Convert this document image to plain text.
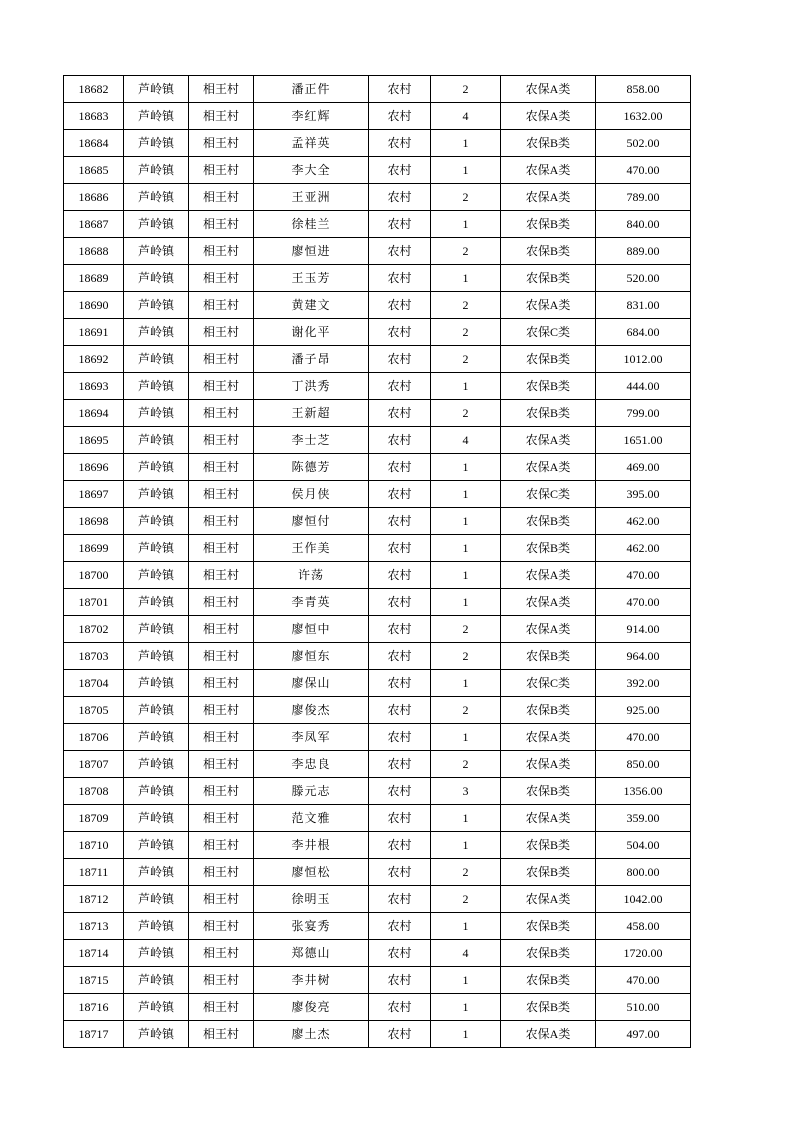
18682	芦岭镇	相王村	潘正件	农村	2	农保A类	858.00
18683	芦岭镇	相王村	李红辉	农村	4	农保A类	1632.00
18684	芦岭镇	相王村	孟祥英	农村	1	农保B类	502.00
18685	芦岭镇	相王村	李大全	农村	1	农保A类	470.00
18686	芦岭镇	相王村	王亚洲	农村	2	农保A类	789.00
18687	芦岭镇	相王村	徐桂兰	农村	1	农保B类	840.00
18688	芦岭镇	相王村	廖恒进	农村	2	农保B类	889.00
18689	芦岭镇	相王村	王玉芳	农村	1	农保B类	520.00
18690	芦岭镇	相王村	黄建文	农村	2	农保A类	831.00
18691	芦岭镇	相王村	谢化平	农村	2	农保C类	684.00
18692	芦岭镇	相王村	潘子昂	农村	2	农保B类	1012.00
18693	芦岭镇	相王村	丁洪秀	农村	1	农保B类	444.00
18694	芦岭镇	相王村	王新超	农村	2	农保B类	799.00
18695	芦岭镇	相王村	李士芝	农村	4	农保A类	1651.00
18696	芦岭镇	相王村	陈德芳	农村	1	农保A类	469.00
18697	芦岭镇	相王村	侯月侠	农村	1	农保C类	395.00
18698	芦岭镇	相王村	廖恒付	农村	1	农保B类	462.00
18699	芦岭镇	相王村	王作美	农村	1	农保B类	462.00
18700	芦岭镇	相王村	许荡	农村	1	农保A类	470.00
18701	芦岭镇	相王村	李青英	农村	1	农保A类	470.00
18702	芦岭镇	相王村	廖恒中	农村	2	农保A类	914.00
18703	芦岭镇	相王村	廖恒东	农村	2	农保B类	964.00
18704	芦岭镇	相王村	廖保山	农村	1	农保C类	392.00
18705	芦岭镇	相王村	廖俊杰	农村	2	农保B类	925.00
18706	芦岭镇	相王村	李凤军	农村	1	农保A类	470.00
18707	芦岭镇	相王村	李忠良	农村	2	农保A类	850.00
18708	芦岭镇	相王村	滕元志	农村	3	农保B类	1356.00
18709	芦岭镇	相王村	范文雅	农村	1	农保A类	359.00
18710	芦岭镇	相王村	李井根	农村	1	农保B类	504.00
18711	芦岭镇	相王村	廖恒松	农村	2	农保B类	800.00
18712	芦岭镇	相王村	徐明玉	农村	2	农保A类	1042.00
18713	芦岭镇	相王村	张宴秀	农村	1	农保B类	458.00
18714	芦岭镇	相王村	郑德山	农村	4	农保B类	1720.00
18715	芦岭镇	相王村	李井树	农村	1	农保B类	470.00
18716	芦岭镇	相王村	廖俊亮	农村	1	农保B类	510.00
18717	芦岭镇	相王村	廖土杰	农村	1	农保A类	497.00
